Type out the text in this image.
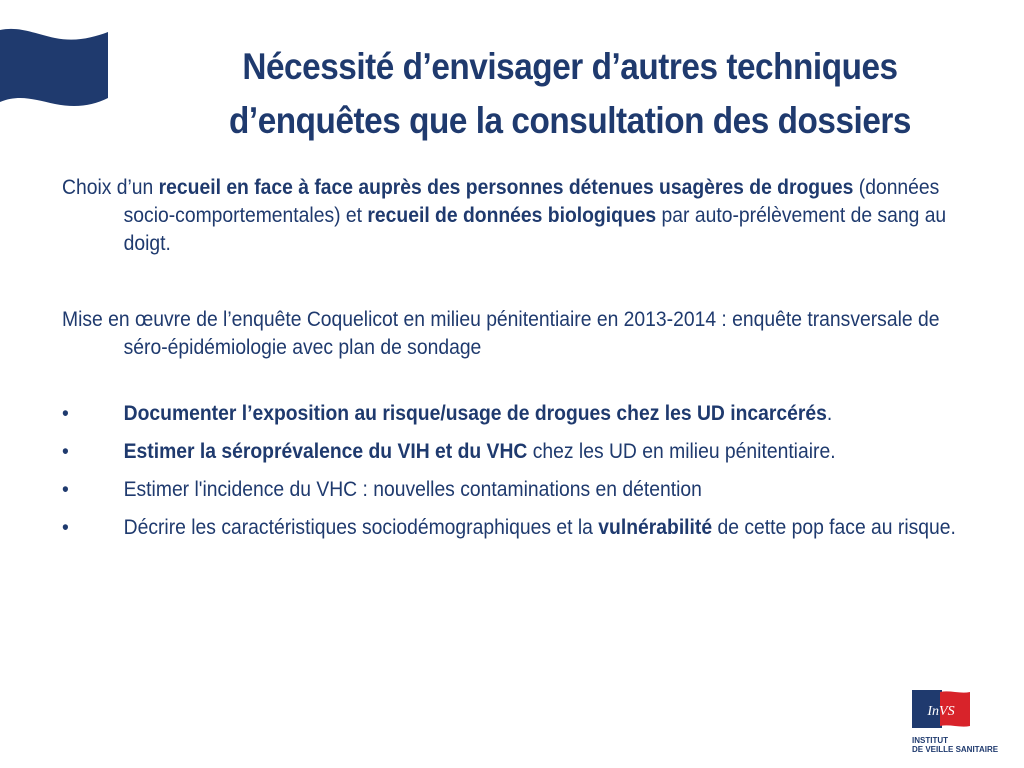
Nécessité d’envisager d’autres techniques
d’enquêtes que la consultation des dossiers

Choix d’un recueil en face à face auprès des personnes détenues usagères de drogues (données socio-comportementales) et recueil de données biologiques par auto-prélèvement de sang au doigt.

Mise en œuvre de l’enquête Coquelicot en milieu pénitentiaire en 2013-2014 : enquête transversale de séro-épidémiologie avec plan de sondage

•	Documenter l’exposition au risque/usage de drogues chez les UD incarcérés.
•	Estimer la séroprévalence du VIH et du VHC chez les UD en milieu pénitentiaire.
•	Estimer l'incidence du VHC : nouvelles contaminations en détention
•	Décrire les caractéristiques sociodémographiques et la vulnérabilité de cette pop face au risque.
InVS
INSTITUT
DE VEILLE SANITAIRE
